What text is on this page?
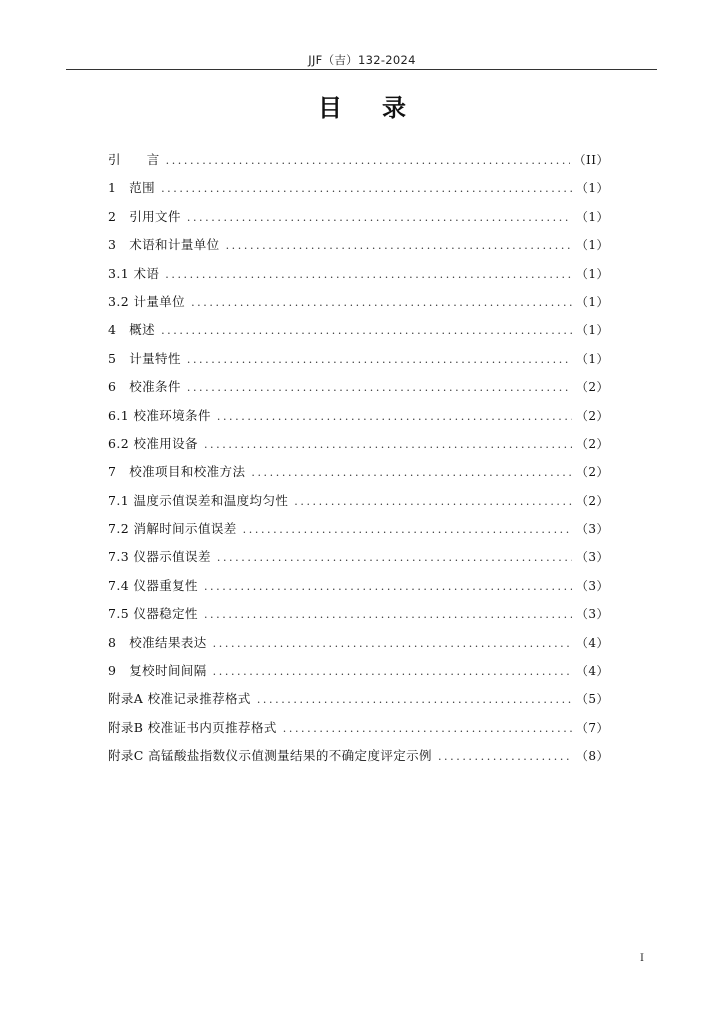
JJF（吉）132-2024
目 录
引　　言 .....	（II）
1　范围 .....	（1）
2　引用文件 .....	（1）
3　术语和计量单位 .....	（1）
3.1 术语 .....	（1）
3.2 计量单位 .....	（1）
4　概述 .....	（1）
5　计量特性 .....	（1）
6　校准条件 .....	（2）
6.1 校准环境条件 .....	（2）
6.2 校准用设备 .....	（2）
7　校准项目和校准方法 .....	（2）
7.1 温度示值误差和温度均匀性 .....	（2）
7.2 消解时间示值误差 .....	（3）
7.3 仪器示值误差 .....	（3）
7.4 仪器重复性 .....	（3）
7.5 仪器稳定性 .....	（3）
8　校准结果表达 .....	（4）
9　复校时间间隔 .....	（4）
附录A 校准记录推荐格式 .....	（5）
附录B 校准证书内页推荐格式 .....	（7）
附录C 高锰酸盐指数仪示值测量结果的不确定度评定示例 .....	（8）
I
